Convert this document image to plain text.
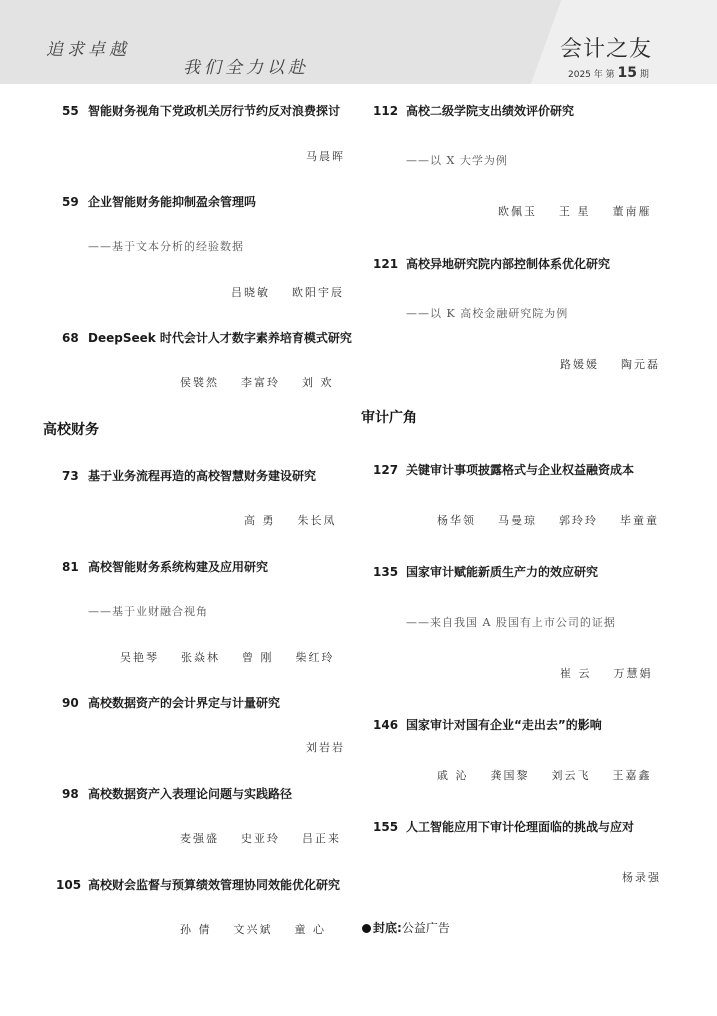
追求卓越
我们全力以赴
会计之友
2025 年 第 15 期
55 智能财务视角下党政机关厉行节约反对浪费探讨
马晨晖
59 企业智能财务能抑制盈余管理吗
——基于文本分析的经验数据
吕晓敏 欧阳宇辰
68 DeepSeek 时代会计人才数字素养培育模式研究
侯襞然 李富玲 刘 欢
高校财务
73 基于业务流程再造的高校智慧财务建设研究
高 勇 朱长凤
81 高校智能财务系统构建及应用研究
——基于业财融合视角
吴艳琴 张焱林 曾 刚 柴红玲
90 高校数据资产的会计界定与计量研究
刘岩岩
98 高校数据资产入表理论问题与实践路径
麦强盛 史亚玲 吕正来
105 高校财会监督与预算绩效管理协同效能优化研究
孙 倩 文兴斌 童 心
112 高校二级学院支出绩效评价研究
——以 X 大学为例
欧佩玉 王 星 董南雁
121 高校异地研究院内部控制体系优化研究
——以 K 高校金融研究院为例
路媛媛 陶元磊
审计广角
127 关键审计事项披露格式与企业权益融资成本
杨华领 马曼琼 郭玲玲 毕童童
135 国家审计赋能新质生产力的效应研究
——来自我国 A 股国有上市公司的证据
崔 云 万慧娟
146 国家审计对国有企业“走出去”的影响
戚 沁 龚国黎 刘云飞 王嘉鑫
155 人工智能应用下审计伦理面临的挑战与应对
杨录强
封底:公益广告
